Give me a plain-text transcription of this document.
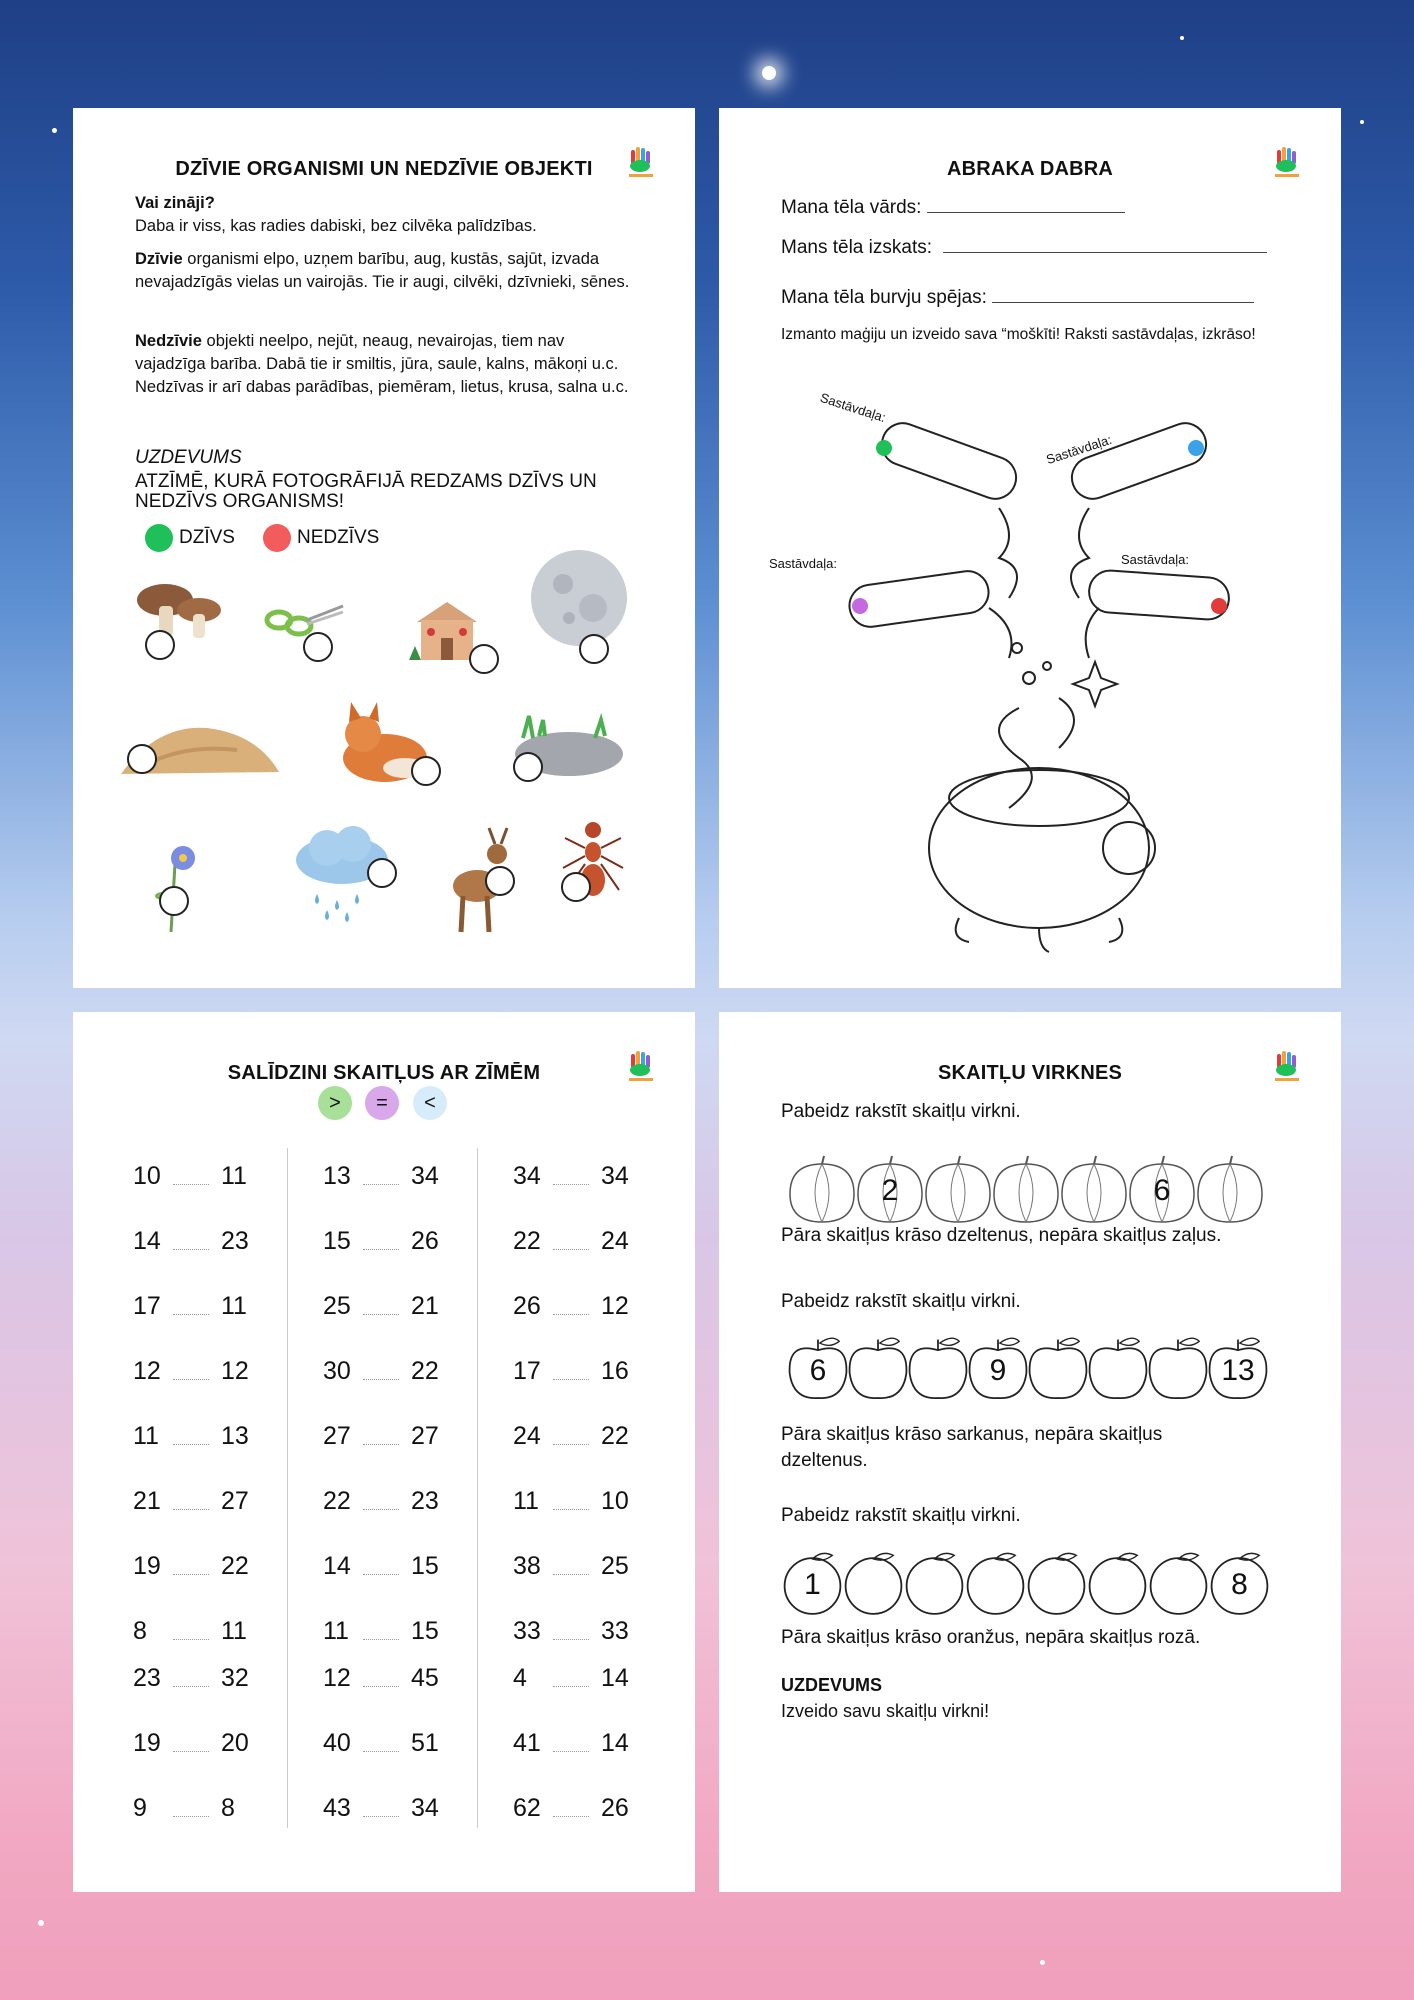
DZĪVIE ORGANISMI UN NEDZĪVIE OBJEKTI
Vai zināji?
Daba ir viss, kas radies dabiski, bez cilvēka palīdzības.
Dzīvie organismi elpo, uzņem barību, aug, kustās, sajūt, izvada nevajadzīgās vielas un vairojās. Tie ir augi, cilvēki, dzīvnieki, sēnes.
Nedzīvie objekti neelpo, nejūt, neaug, nevairojas, tiem nav vajadzīga barība. Dabā tie ir smiltis, jūra, saule, kalns, mākoņi u.c. Nedzīvas ir arī dabas parādības, piemēram, lietus, krusa, salna u.c.
UZDEVUMS
ATZĪMĒ, KURĀ FOTOGRĀFIJĀ REDZAMS DZĪVS UN NEDZĪVS ORGANISMS!
DZĪVS	NEDZĪVS
ABRAKA DABRA
Mana tēla vārds:
Mans tēla izskats:
Mana tēla burvju spējas:
Izmanto maģiju un izveido sava “moškīti! Raksti sastāvdaļas, izkrāso!
Sastāvdaļa:
Sastāvdaļa:
Sastāvdaļa:	Sastāvdaļa:
SALĪDZINI SKAITĻUS AR ZĪMĒM
>	=	<
10 11
14 23
17 11
12 12
11 13
21 27
19 22
8	11
23 32
19 20
9	8
13 34
15 26
25 21
30 22
27 27
22 23
14 15
11 15
12 45
40 51
43 34
34 34
22 24
26 12
17 16
24 22
11 10
38 25
33 33
4	14
41 14
62 26
SKAITĻU VIRKNES
Pabeidz rakstīt skaitļu virkni.
2	6
Pāra skaitļus krāso dzeltenus, nepāra skaitļus zaļus.
Pabeidz rakstīt skaitļu virkni.
6	9	13
Pāra skaitļus krāso sarkanus, nepāra skaitļus dzeltenus.
Pabeidz rakstīt skaitļu virkni.
1	8
Pāra skaitļus krāso oranžus, nepāra skaitļus rozā.
UZDEVUMS
Izveido savu skaitļu virkni!
